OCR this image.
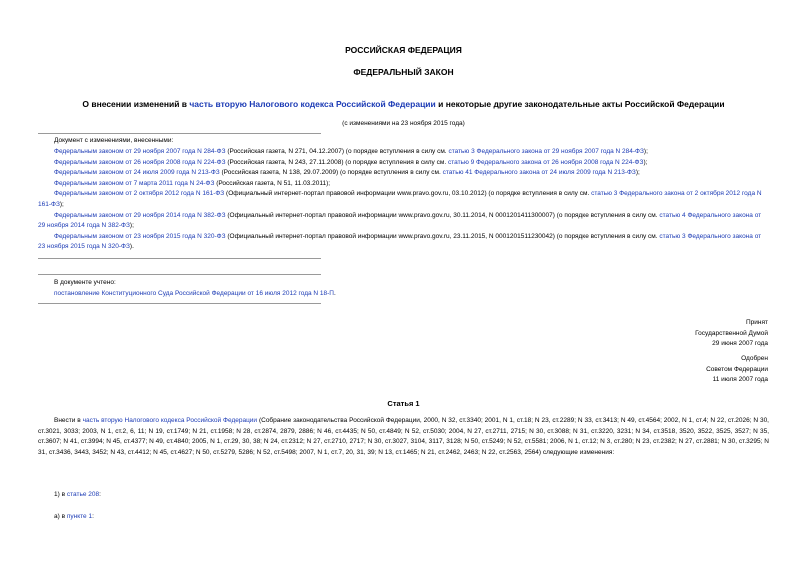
РОССИЙСКАЯ ФЕДЕРАЦИЯ
ФЕДЕРАЛЬНЫЙ ЗАКОН
О внесении изменений в часть вторую Налогового кодекса Российской Федерации и некоторые другие законодательные акты Российской Федерации
(с изменениями на 23 ноября 2015 года)
Документ с изменениями, внесенными:
Федеральным законом от 29 ноября 2007 года N 284-ФЗ (Российская газета, N 271, 04.12.2007) (о порядке вступления в силу см. статью 3 Федерального закона от 29 ноября 2007 года N 284-ФЗ);
Федеральным законом от 26 ноября 2008 года N 224-ФЗ (Российская газета, N 243, 27.11.2008) (о порядке вступления в силу см. статью 9 Федерального закона от 26 ноября 2008 года N 224-ФЗ);
Федеральным законом от 24 июля 2009 года N 213-ФЗ (Российская газета, N 138, 29.07.2009) (о порядке вступления в силу см. статью 41 Федерального закона от 24 июля 2009 года N 213-ФЗ);
Федеральным законом от 7 марта 2011 года N 24-ФЗ (Российская газета, N 51, 11.03.2011);
Федеральным законом от 2 октября 2012 года N 161-ФЗ (Официальный интернет-портал правовой информации www.pravo.gov.ru, 03.10.2012) (о порядке вступления в силу см. статью 3 Федерального закона от 2 октября 2012 года N 161-ФЗ);
Федеральным законом от 29 ноября 2014 года N 382-ФЗ (Официальный интернет-портал правовой информации www.pravo.gov.ru, 30.11.2014, N 0001201411300007) (о порядке вступления в силу см. статью 4 Федерального закона от 29 ноября 2014 года N 382-ФЗ);
Федеральным законом от 23 ноября 2015 года N 320-ФЗ (Официальный интернет-портал правовой информации www.pravo.gov.ru, 23.11.2015, N 0001201511230042) (о порядке вступления в силу см. статью 3 Федерального закона от 23 ноября 2015 года N 320-ФЗ).
В документе учтено:
постановление Конституционного Суда Российской Федерации от 16 июля 2012 года N 18-П.
Принят
Государственной Думой
29 июня 2007 года
Одобрен
Советом Федерации
11 июля 2007 года
Статья 1
Внести в часть вторую Налогового кодекса Российской Федерации (Собрание законодательства Российской Федерации, 2000, N 32, ст.3340; 2001, N 1, ст.18; N 23, ст.2289; N 33, ст.3413; N 49, ст.4564; 2002, N 1, ст.4; N 22, ст.2026; N 30, ст.3021, 3033; 2003, N 1, ст.2, 6, 11; N 19, ст.1749; N 21, ст.1958; N 28, ст.2874, 2879, 2886; N 46, ст.4435; N 50, ст.4849; N 52, ст.5030; 2004, N 27, ст.2711, 2715; N 30, ст.3088; N 31, ст.3220, 3231; N 34, ст.3518, 3520, 3522, 3525, 3527; N 35, ст.3607; N 41, ст.3994; N 45, ст.4377; N 49, ст.4840; 2005, N 1, ст.29, 30, 38; N 24, ст.2312; N 27, ст.2710, 2717; N 30, ст.3027, 3104, 3117, 3128; N 50, ст.5249; N 52, ст.5581; 2006, N 1, ст.12; N 3, ст.280; N 23, ст.2382; N 27, ст.2881; N 30, ст.3295; N 31, ст.3436, 3443, 3452; N 43, ст.4412; N 45, ст.4627; N 50, ст.5279, 5286; N 52, ст.5498; 2007, N 1, ст.7, 20, 31, 39; N 13, ст.1465; N 21, ст.2462, 2463; N 22, ст.2563, 2564) следующие изменения:
1) в статье 208:
а) в пункте 1:
